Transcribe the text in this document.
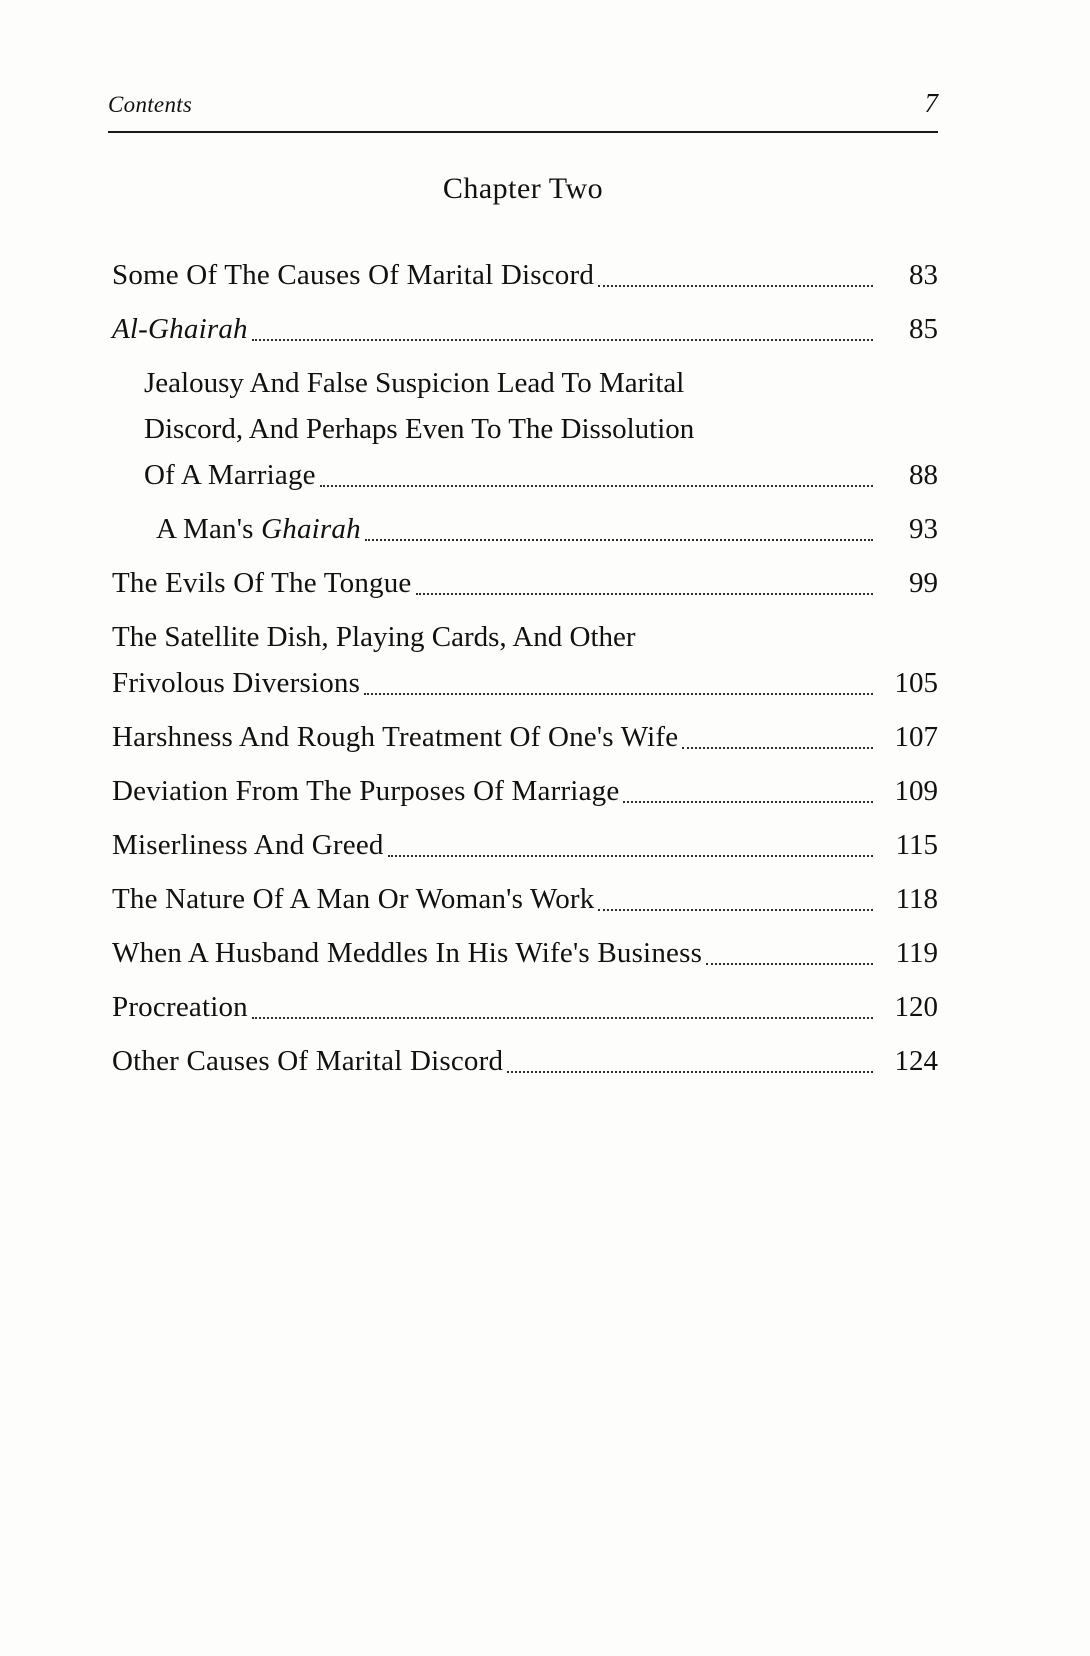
Contents	7
Chapter Two
Some Of The Causes Of Marital Discord	83
Al-Ghairah	85
Jealousy And False Suspicion Lead To Marital
Discord, And Perhaps Even To The Dissolution
Of A Marriage	88
A Man's Ghairah	93
The Evils Of The Tongue	99
The Satellite Dish, Playing Cards, And Other
Frivolous Diversions	105
Harshness And Rough Treatment Of One's Wife	107
Deviation From The Purposes Of Marriage	109
Miserliness And Greed	115
The Nature Of A Man Or Woman's Work	118
When A Husband Meddles In His Wife's Business	119
Procreation	120
Other Causes Of Marital Discord	124
